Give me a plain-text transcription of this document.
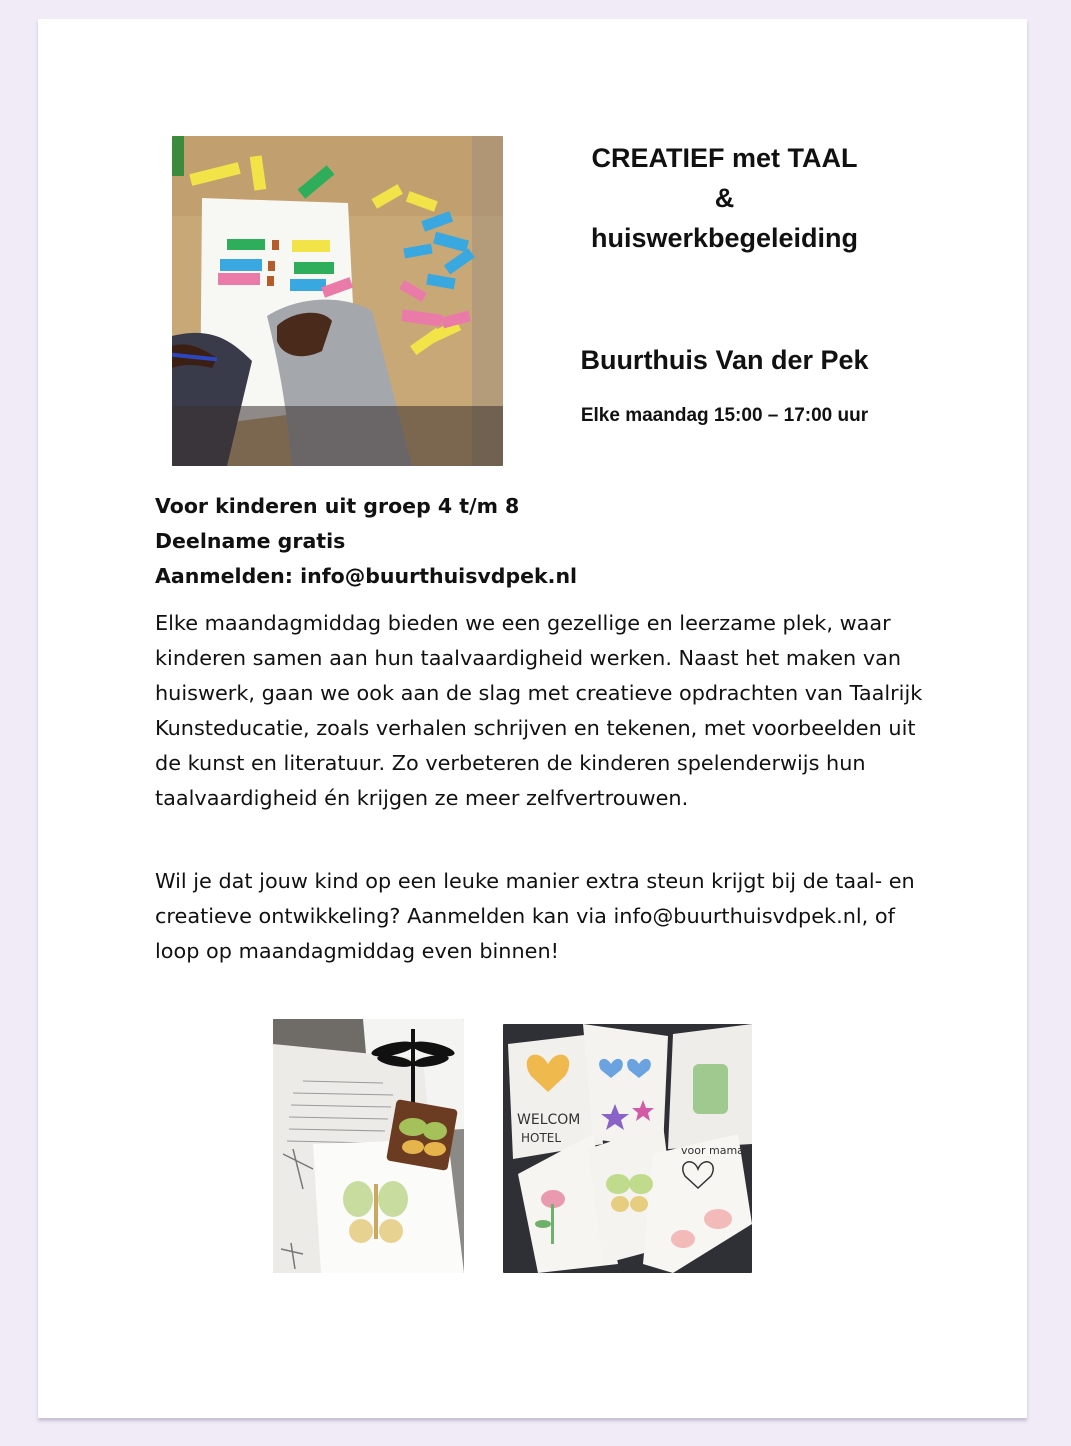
CREATIEF met TAAL
&
huiswerkbegeleiding
Buurthuis Van der Pek
Elke maandag 15:00 – 17:00 uur
Voor kinderen uit groep 4 t/m 8
Deelname gratis
Aanmelden: info@buurthuisvdpek.nl

Elke maandagmiddag bieden we een gezellige en leerzame plek, waar kinderen samen aan hun taalvaardigheid werken. Naast het maken van huiswerk, gaan we ook aan de slag met creatieve opdrachten van Taalrijk Kunsteducatie, zoals verhalen schrijven en tekenen, met voorbeelden uit de kunst en literatuur. Zo verbeteren de kinderen spelenderwijs hun taalvaardigheid én krijgen ze meer zelfvertrouwen.

Wil je dat jouw kind op een leuke manier extra steun krijgt bij de taal- en creatieve ontwikkeling? Aanmelden kan via info@buurthuisvdpek.nl, of loop op maandagmiddag even binnen!

WELCOM
HOTEL
voor mama
